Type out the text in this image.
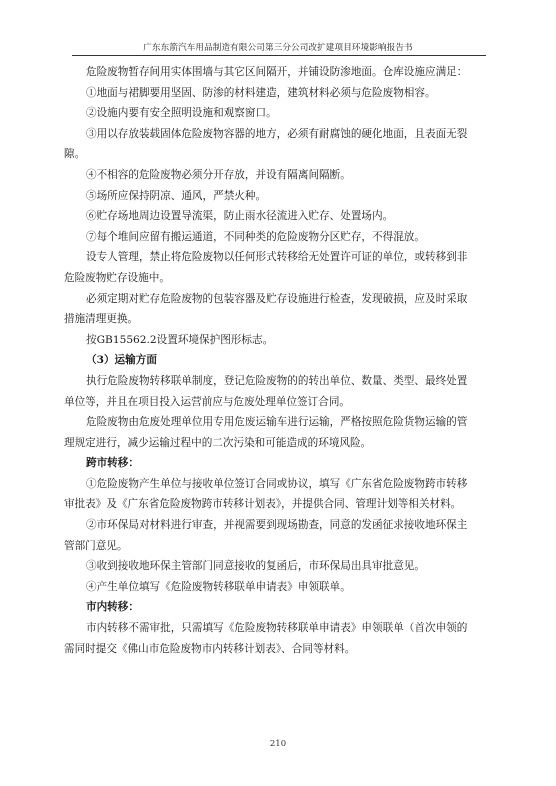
广东东箭汽车用品制造有限公司第三分公司改扩建项目环境影响报告书

危险废物暂存间用实体围墙与其它区间隔开，并铺设防渗地面。仓库设施应满足：

①地面与裙脚要用坚固、防渗的材料建造，建筑材料必须与危险废物相容。

②设施内要有安全照明设施和观察窗口。

③用以存放装载固体危险废物容器的地方，必须有耐腐蚀的硬化地面，且表面无裂
隙。

④不相容的危险废物必须分开存放，并设有隔离间隔断。

⑤场所应保持阴凉、通风，严禁火种。

⑥贮存场地周边设置导流渠，防止雨水径流进入贮存、处置场内。

⑦每个堆间应留有搬运通道，不同种类的危险废物分区贮存，不得混放。

设专人管理，禁止将危险废物以任何形式转移给无处置许可证的单位，或转移到非
危险废物贮存设施中。

必须定期对贮存危险废物的包装容器及贮存设施进行检查，发现破损，应及时采取
措施清理更换。

按GB15562.2设置环境保护图形标志。

（3）运输方面

执行危险废物转移联单制度，登记危险废物的的转出单位、数量、类型、最终处置
单位等，并且在项目投入运营前应与危废处理单位签订合同。

危险废物由危废处理单位用专用危废运输车进行运输，严格按照危险货物运输的管
理规定进行，减少运输过程中的二次污染和可能造成的环境风险。

跨市转移：

①危险废物产生单位与接收单位签订合同或协议，填写《广东省危险废物跨市转移
审批表》及《广东省危险废物跨市转移计划表》，并提供合同、管理计划等相关材料。

②市环保局对材料进行审查，并视需要到现场勘查，同意的发函征求接收地环保主
管部门意见。

③收到接收地环保主管部门同意接收的复函后，市环保局出具审批意见。

④产生单位填写《危险废物转移联单申请表》申领联单。

市内转移：

市内转移不需审批，只需填写《危险废物转移联单申请表》申领联单（首次申领的
需同时提交《佛山市危险废物市内转移计划表》、合同等材料。

210
